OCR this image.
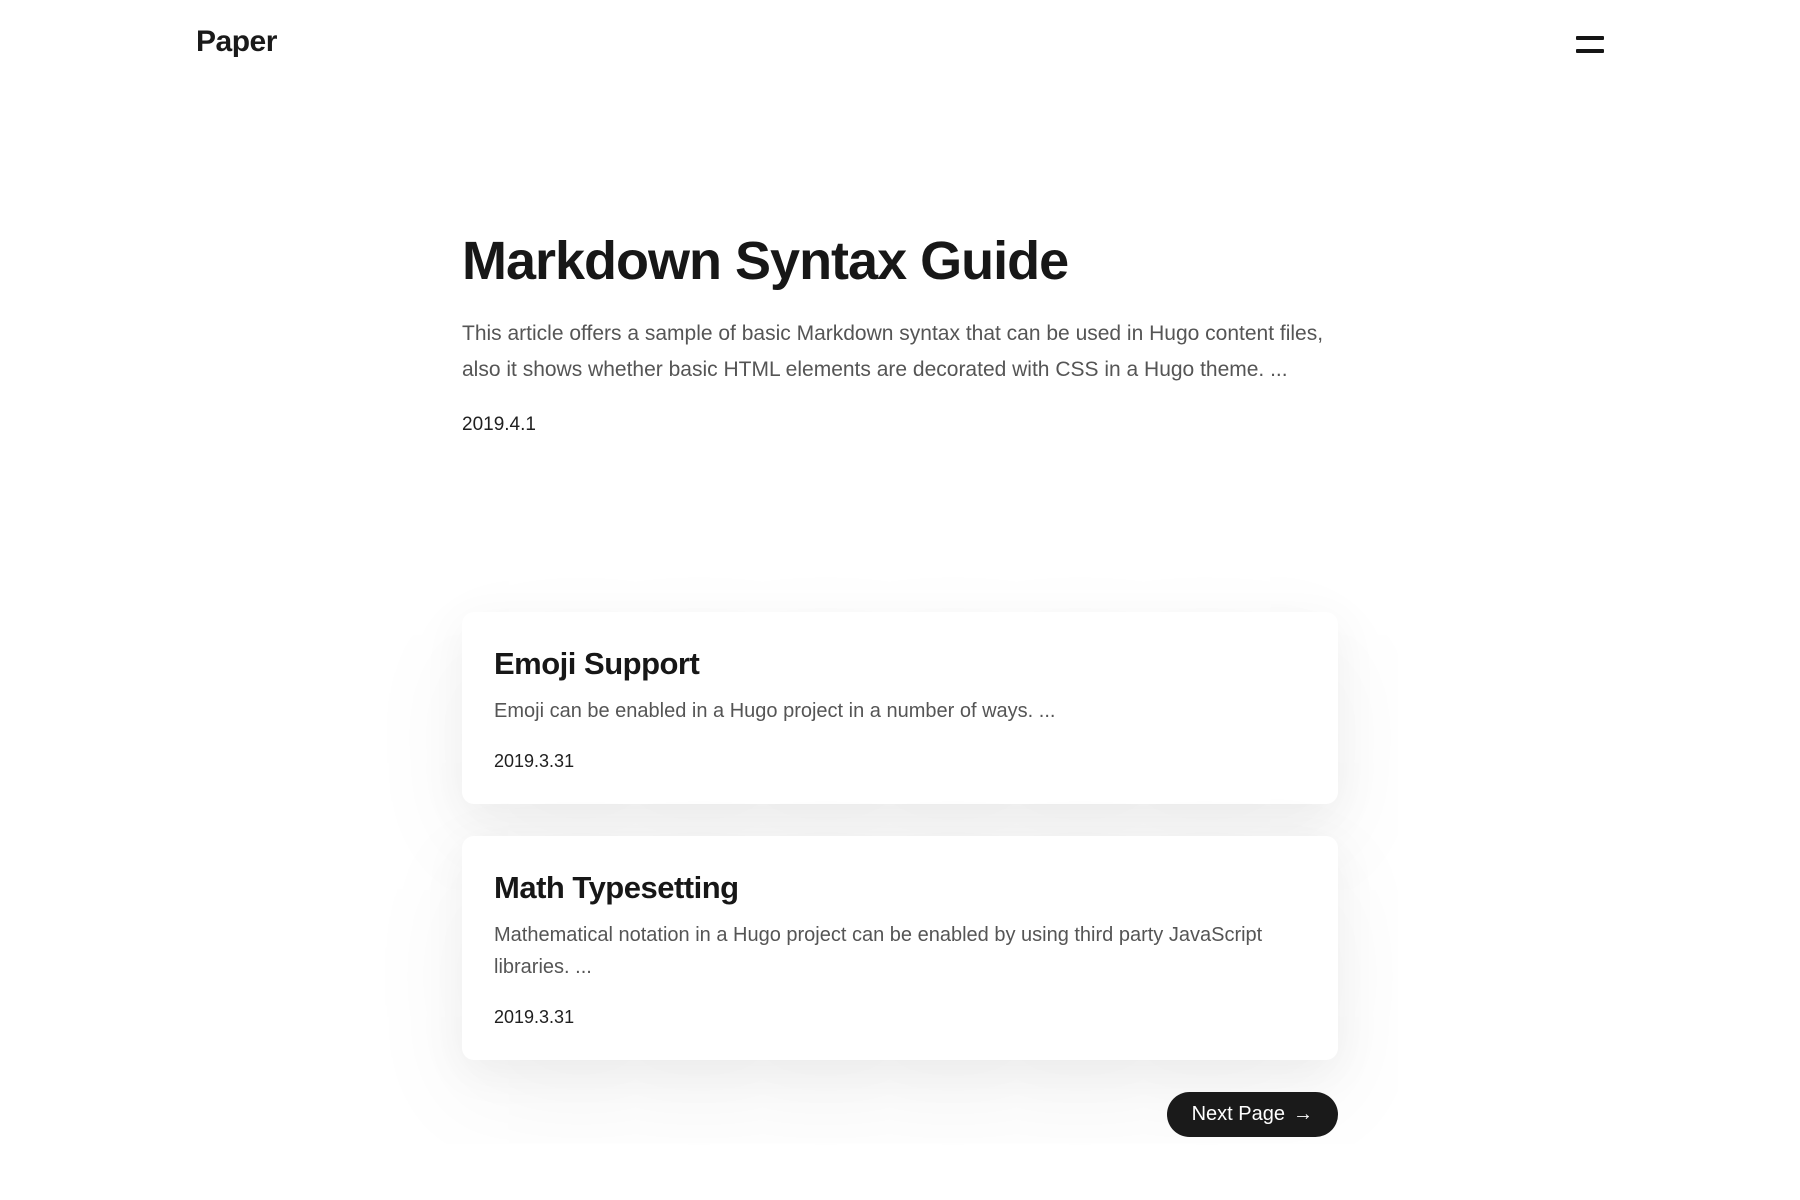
Paper
Markdown Syntax Guide

This article offers a sample of basic Markdown syntax that can be used in Hugo content files, also it shows whether basic HTML elements are decorated with CSS in a Hugo theme. ...

2019.4.1
Emoji Support

Emoji can be enabled in a Hugo project in a number of ways. ...

2019.3.31
Math Typesetting

Mathematical notation in a Hugo project can be enabled by using third party JavaScript libraries. ...

2019.3.31
Next Page →
